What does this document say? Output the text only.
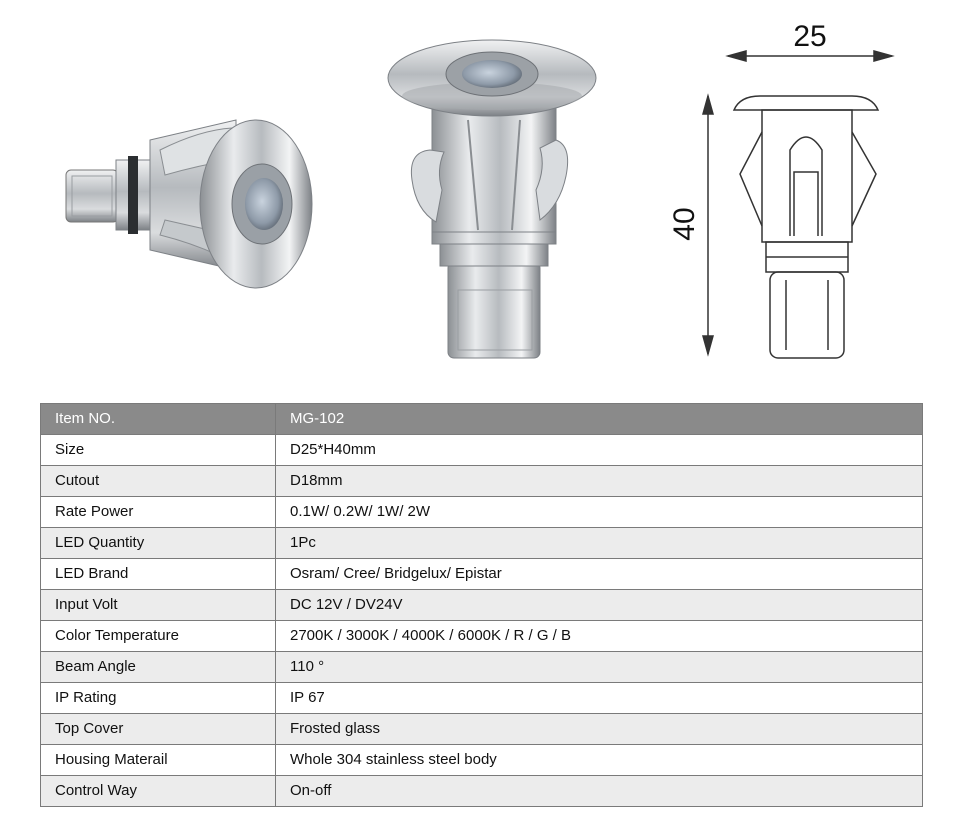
25
40
Item NO.	MG-102
Size	D25*H40mm
Cutout	D18mm
Rate Power	0.1W/ 0.2W/ 1W/ 2W
LED Quantity	1Pc
LED Brand	Osram/ Cree/ Bridgelux/ Epistar
Input Volt	DC 12V / DV24V
Color Temperature	2700K / 3000K / 4000K / 6000K / R / G / B
Beam Angle	110 °
IP Rating	IP 67
Top Cover	Frosted glass
Housing Materail	Whole 304 stainless steel body
Control Way	On-off
